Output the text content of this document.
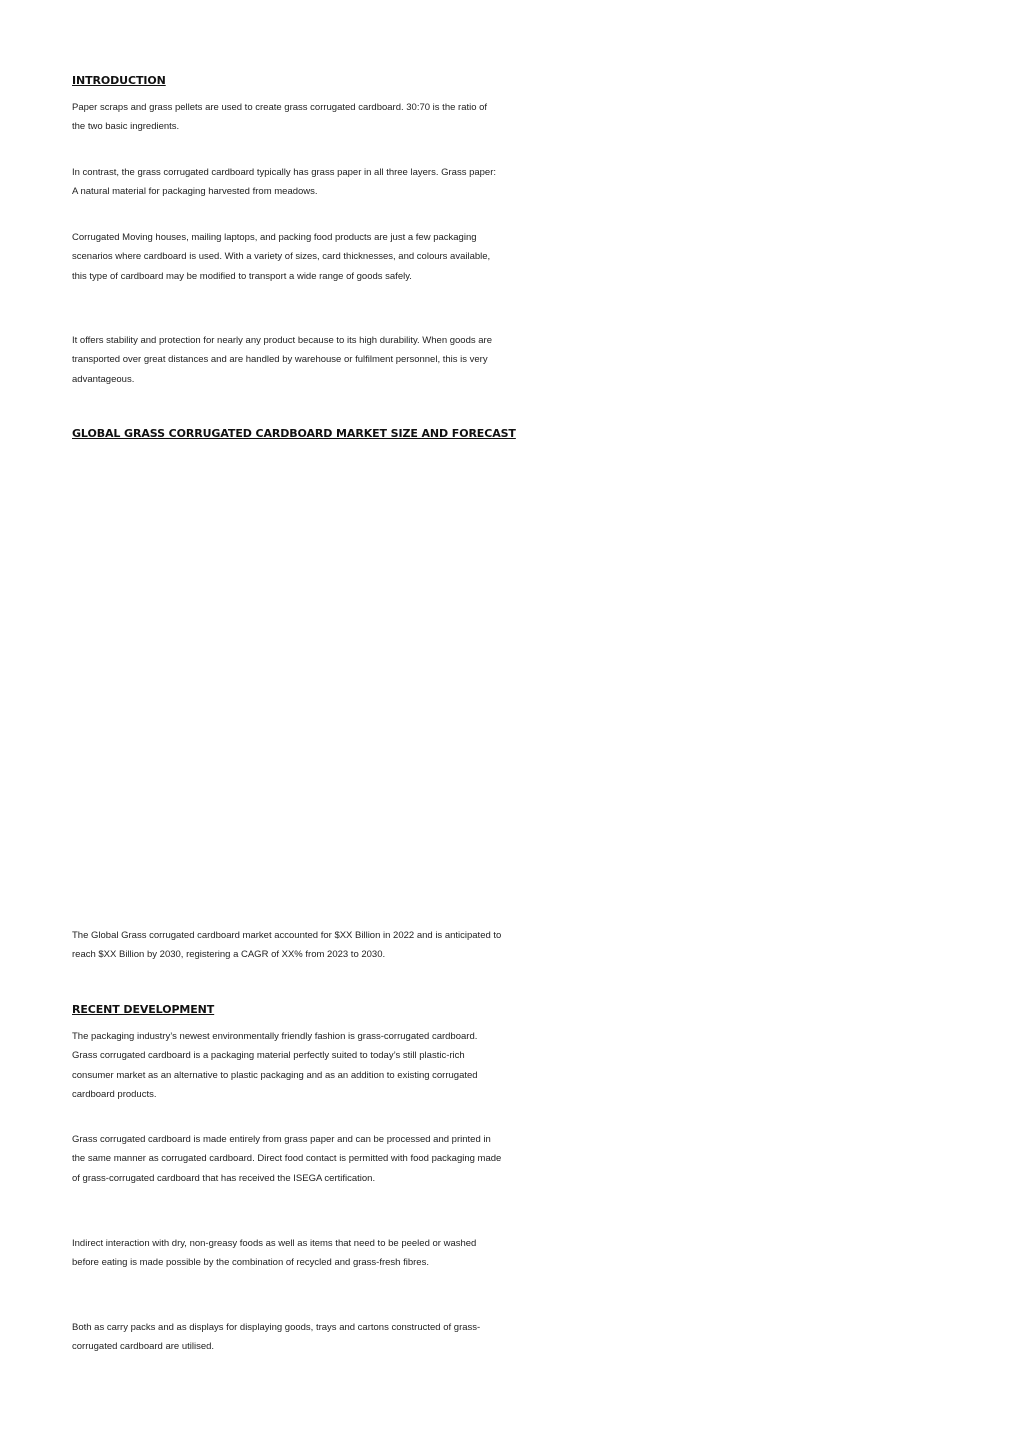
INTRODUCTION

Paper scraps and grass pellets are used to create grass corrugated cardboard. 30:70 is the ratio of the two basic ingredients.

In contrast, the grass corrugated cardboard typically has grass paper in all three layers. Grass paper: A natural material for packaging harvested from meadows.

Corrugated Moving houses, mailing laptops, and packing food products are just a few packaging scenarios where cardboard is used. With a variety of sizes, card thicknesses, and colours available, this type of cardboard may be modified to transport a wide range of goods safely.

It offers stability and protection for nearly any product because to its high durability. When goods are transported over great distances and are handled by warehouse or fulfilment personnel, this is very advantageous.

GLOBAL GRASS CORRUGATED CARDBOARD MARKET SIZE AND FORECAST

The Global Grass corrugated cardboard market accounted for $XX Billion in 2022 and is anticipated to reach $XX Billion by 2030, registering a CAGR of XX% from 2023 to 2030.

RECENT DEVELOPMENT

The packaging industry’s newest environmentally friendly fashion is grass-corrugated cardboard. Grass corrugated cardboard is a packaging material perfectly suited to today’s still plastic-rich consumer market as an alternative to plastic packaging and as an addition to existing corrugated cardboard products.

Grass corrugated cardboard is made entirely from grass paper and can be processed and printed in the same manner as corrugated cardboard. Direct food contact is permitted with food packaging made of grass-corrugated cardboard that has received the ISEGA certification.

Indirect interaction with dry, non-greasy foods as well as items that need to be peeled or washed before eating is made possible by the combination of recycled and grass-fresh fibres.

Both as carry packs and as displays for displaying goods, trays and cartons constructed of grass-corrugated cardboard are utilised.
